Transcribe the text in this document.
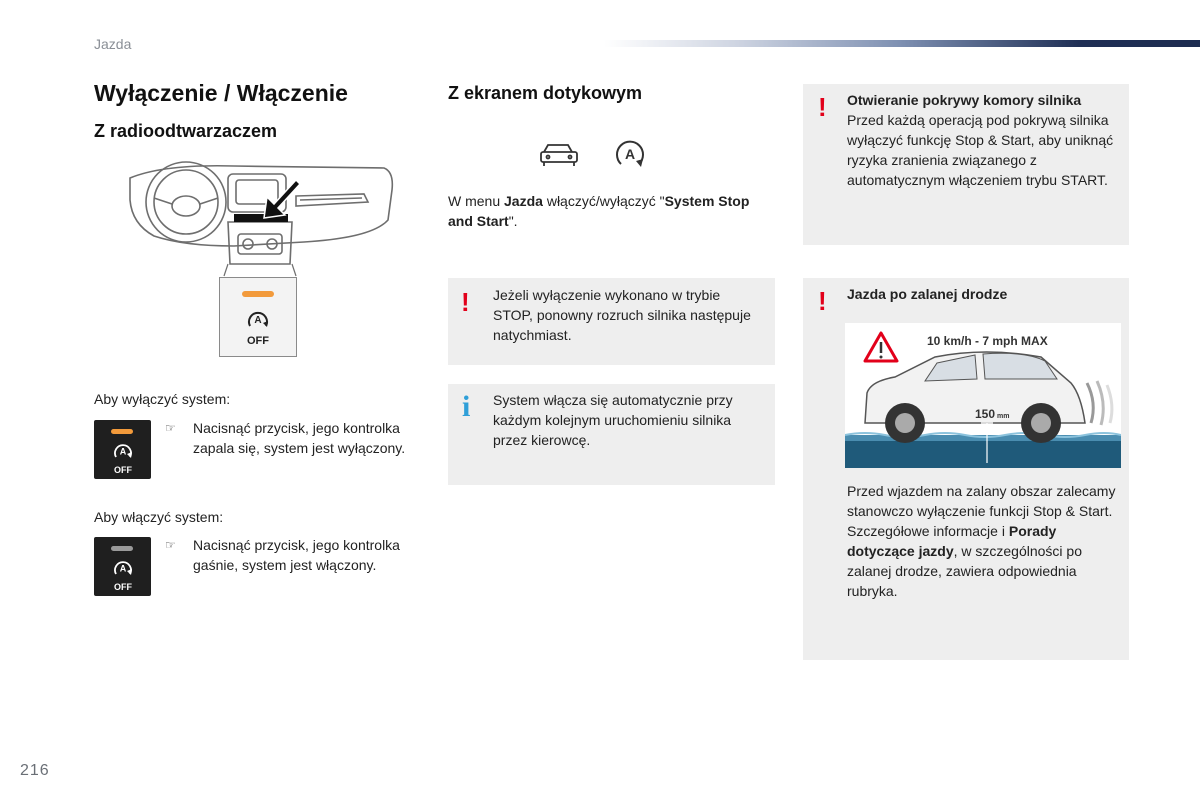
Jazda
Wyłączenie / Włączenie
Z radioodtwarzaczem
A
OFF
Aby wyłączyć system:
A
OFF
☞ Nacisnąć przycisk, jego kontrolka zapala się, system jest wyłączony.
Aby włączyć system:
A
OFF
☞ Nacisnąć przycisk, jego kontrolka gaśnie, system jest włączony.
Z ekranem dotykowym
A
W menu Jazda włączyć/wyłączyć "System Stop and Start".
! Jeżeli wyłączenie wykonano w trybie STOP, ponowny rozruch silnika następuje natychmiast.
i System włącza się automatycznie przy każdym kolejnym uruchomieniu silnika przez kierowcę.
! Otwieranie pokrywy komory silnika
Przed każdą operacją pod pokrywą silnika wyłączyć funkcję Stop & Start, aby uniknąć ryzyka zranienia związanego z automatycznym włączeniem trybu START.
! Jazda po zalanej drodze
10 km/h - 7 mph MAX
150 mm
Przed wjazdem na zalany obszar zalecamy stanowczo wyłączenie funkcji Stop & Start.
Szczegółowe informacje i Porady dotyczące jazdy, w szczególności po zalanej drodze, zawiera odpowiednia rubryka.
216
